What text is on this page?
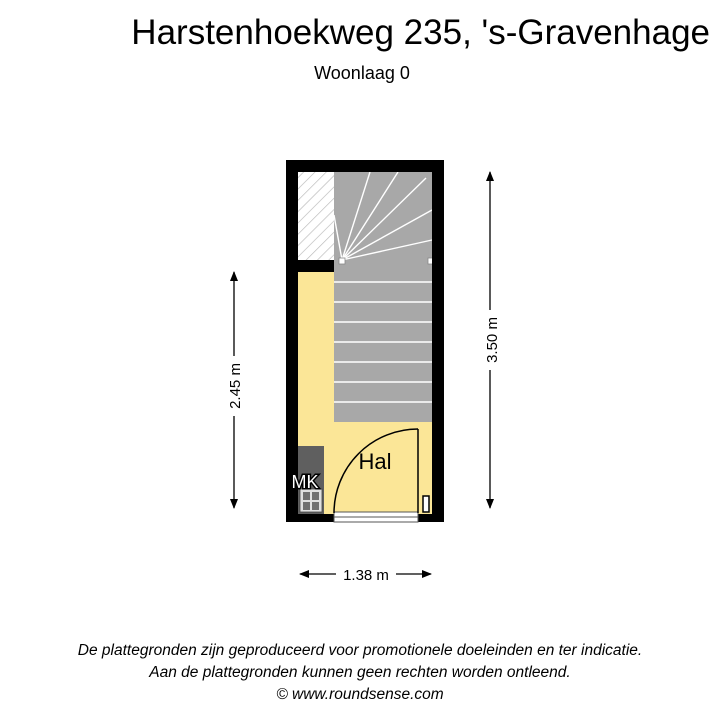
Harstenhoekweg 235, 's-Gravenhage
Woonlaag 0
MK
Hal
3.50 m
2.45 m
1.38 m
De plattegronden zijn geproduceerd voor promotionele doeleinden en ter indicatie.
Aan de plattegronden kunnen geen rechten worden ontleend.
© www.roundsense.com
